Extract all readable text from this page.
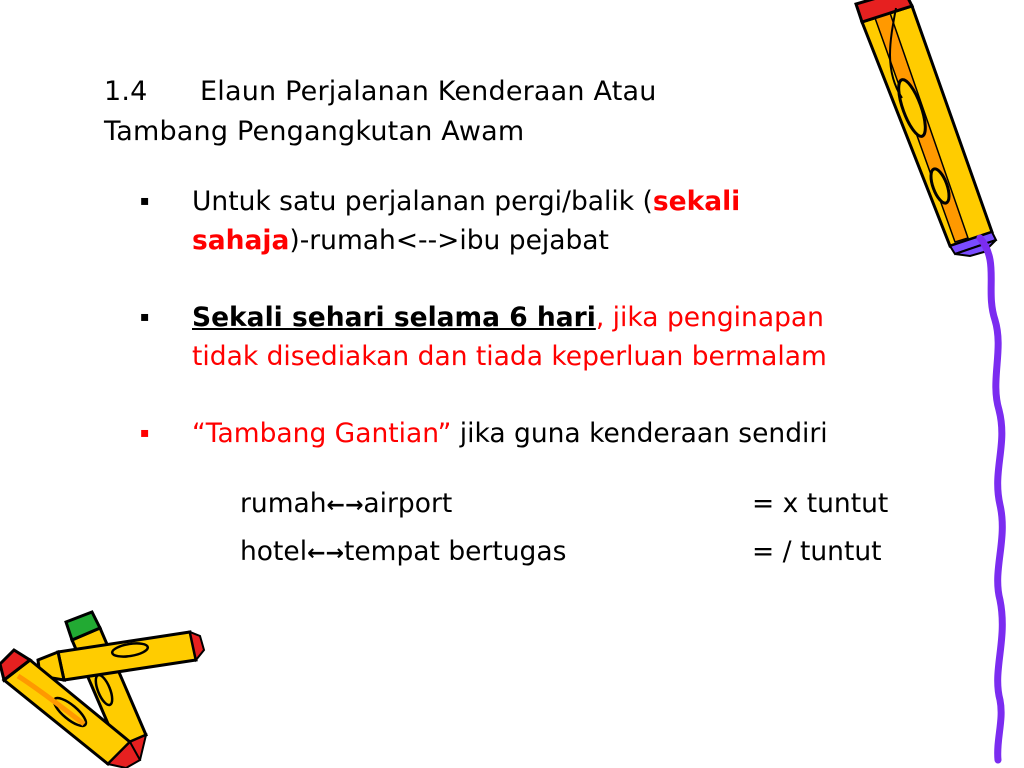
1.4 Elaun Perjalanan Kenderaan Atau
Tambang Pengangkutan Awam
▪ Untuk satu perjalanan pergi/balik (sekali
sahaja)-rumah<-->ibu pejabat
▪ Sekali sehari selama 6 hari, jika penginapan
tidak disediakan dan tiada keperluan bermalam
▪ “Tambang Gantian” jika guna kenderaan sendiri
rumah←→airport	= x tuntut
hotel←→tempat bertugas	= / tuntut
